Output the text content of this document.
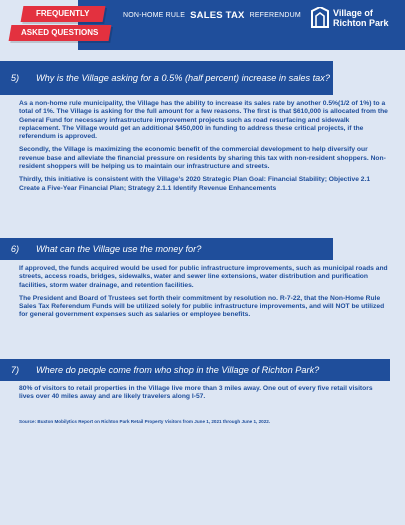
FREQUENTLY
ASKED QUESTIONS
NON-HOME RULE SALES TAX REFERENDUM	Village of
Richton Park
5)	Why is the Village asking for a 0.5% (half percent) increase in sales tax?

As a non-home rule municipality, the Village has the ability to increase its sales rate by another 0.5%(1/2 of 1%) to a total of 1%. The Village is asking for the full amount for a few reasons. The first is that $610,000 is allocated from the General Fund for necessary infrastructure improvement projects such as road resurfacing and sidewalk replacement. The Village would get an additional $450,000 in funding to address these critical projects, if the referendum is approved.

Secondly, the Village is maximizing the economic benefit of the commercial development to help diversify our revenue base and alleviate the financial pressure on residents by sharing this tax with non-resident shoppers. Non-resident shoppers will be helping us to maintain our infrastructure and streets.

Thirdly, this initiative is consistent with the Village’s 2020 Strategic Plan Goal: Financial Stability; Objective 2.1 Create a Five-Year Financial Plan; Strategy 2.1.1 Identify Revenue Enhancements

6)	What can the Village use the money for?

If approved, the funds acquired would be used for public infrastructure improvements, such as municipal roads and streets, access roads, bridges, sidewalks, water and sewer line extensions, water distribution and purification facilities, storm water drainage, and retention facilities.

The President and Board of Trustees set forth their commitment by resolution no. R-7-22, that the Non-Home Rule Sales Tax Referendum Funds will be utilized solely for public infrastructure improvements, and will NOT be utilized for general government expenses such as salaries or employee benefits.

7)	Where do people come from who shop in the Village of Richton Park?

80% of visitors to retail properties in the Village live more than 3 miles away. One out of every five retail visitors lives over 40 miles away and are likely travelers along I-57.

Source: Buxton Mobilytics Report on Richton Park Retail Property Visitors from June 1, 2021 through June 1, 2022.
